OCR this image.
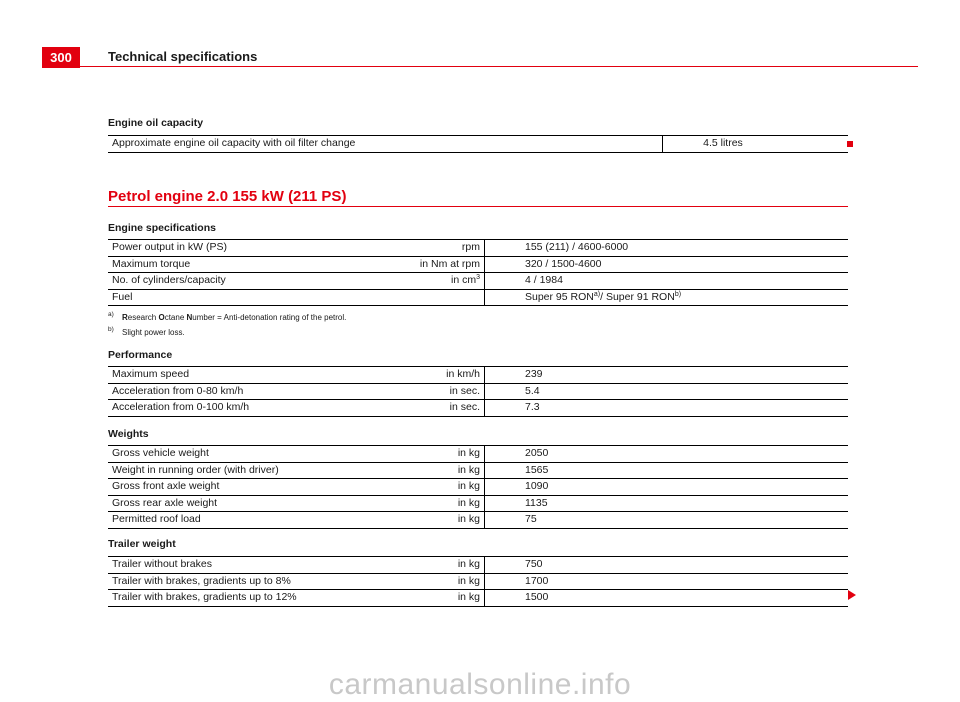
300	Technical specifications
Engine oil capacity
Approximate engine oil capacity with oil filter change	4.5 litres
Petrol engine 2.0 155 kW (211 PS)
Engine specifications
Power output in kW (PS)	rpm	155 (211) / 4600-6000
Maximum torque	in Nm at rpm	320 / 1500-4600
No. of cylinders/capacity	in $cm^3$	4 / 1984
Fuel		Super 95 RON$^{a)}$/ Super 91 RON$^{b)}$
a) Research Octane Number = Anti-detonation rating of the petrol.
b) Slight power loss.
Performance
Maximum speed	in km/h	239
Acceleration from 0-80 km/h	in sec.	5.4
Acceleration from 0-100 km/h	in sec.	7.3
Weights
Gross vehicle weight	in kg	2050
Weight in running order (with driver)	in kg	1565
Gross front axle weight	in kg	1090
Gross rear axle weight	in kg	1135
Permitted roof load	in kg	75
Trailer weight
Trailer without brakes	in kg	750
Trailer with brakes, gradients up to 8%	in kg	1700
Trailer with brakes, gradients up to 12%	in kg	1500
carmanualsonline.info
